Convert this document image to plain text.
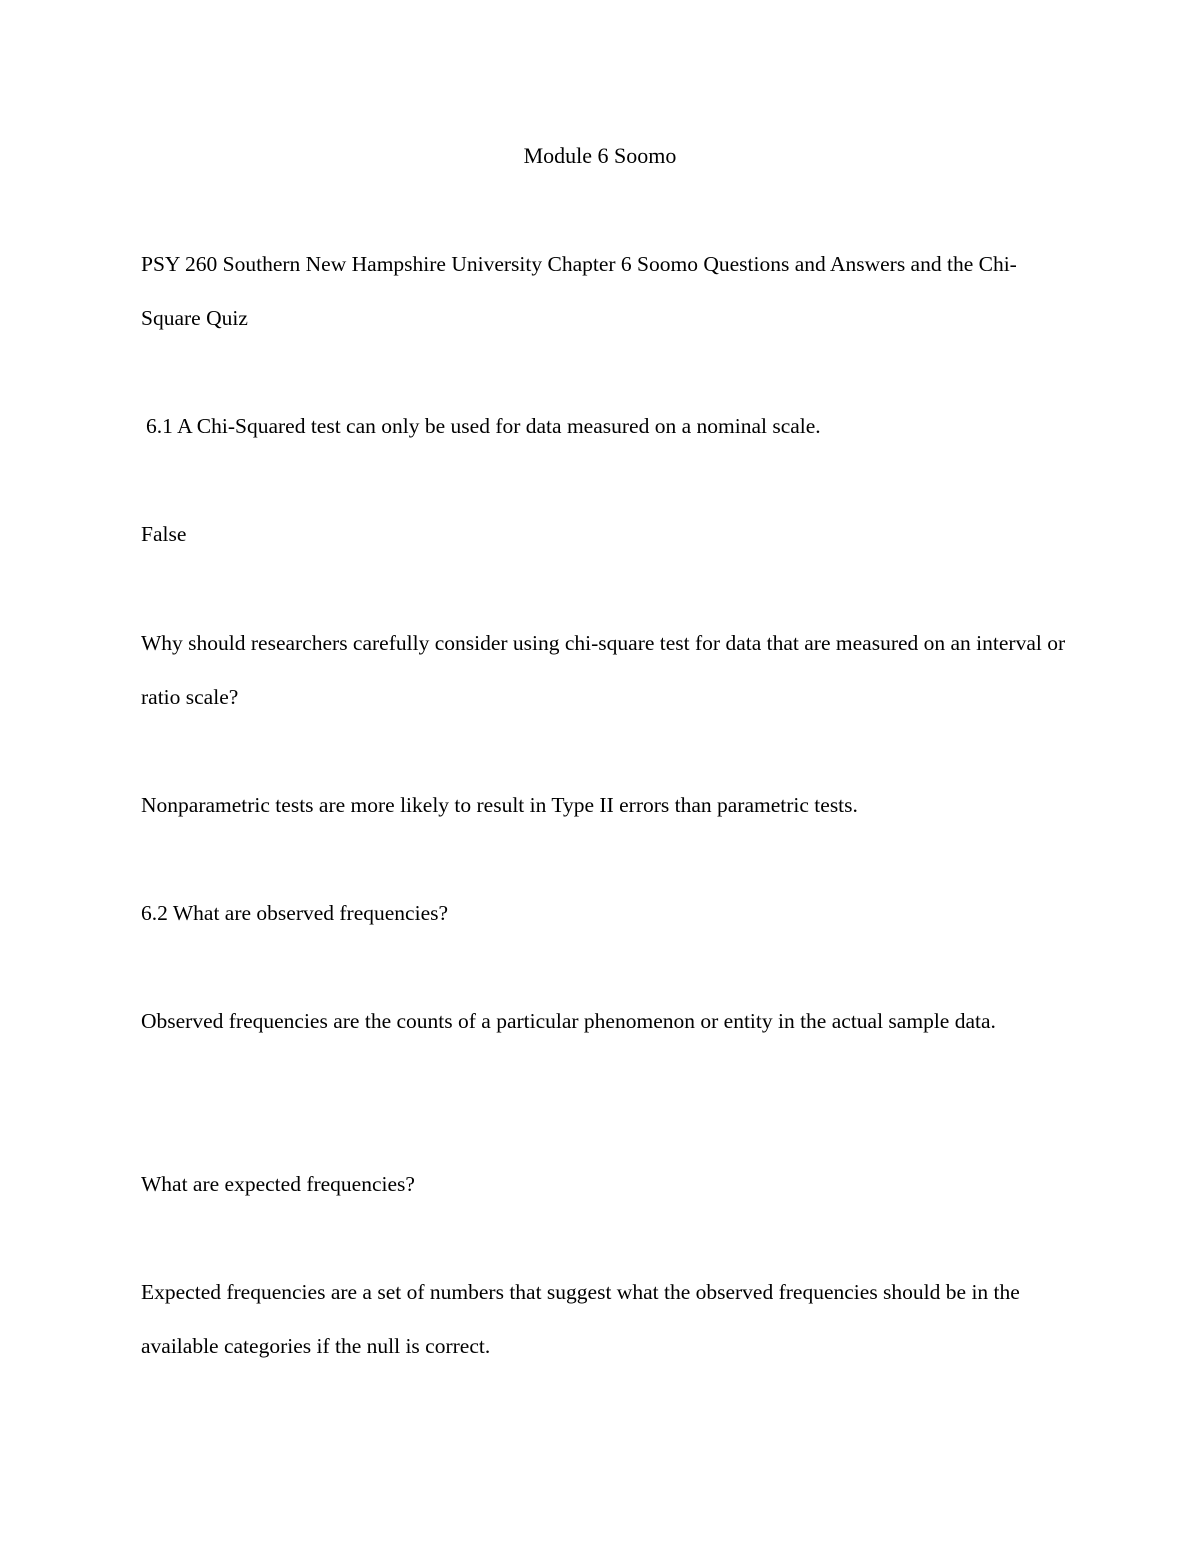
Module 6 Soomo

PSY 260 Southern New Hampshire University Chapter 6 Soomo Questions and Answers and the Chi-Square Quiz

6.1 A Chi-Squared test can only be used for data measured on a nominal scale.

False

Why should researchers carefully consider using chi-square test for data that are measured on an interval or ratio scale?

Nonparametric tests are more likely to result in Type II errors than parametric tests.

6.2 What are observed frequencies?

Observed frequencies are the counts of a particular phenomenon or entity in the actual sample data.

What are expected frequencies?

Expected frequencies are a set of numbers that suggest what the observed frequencies should be in the available categories if the null is correct.
